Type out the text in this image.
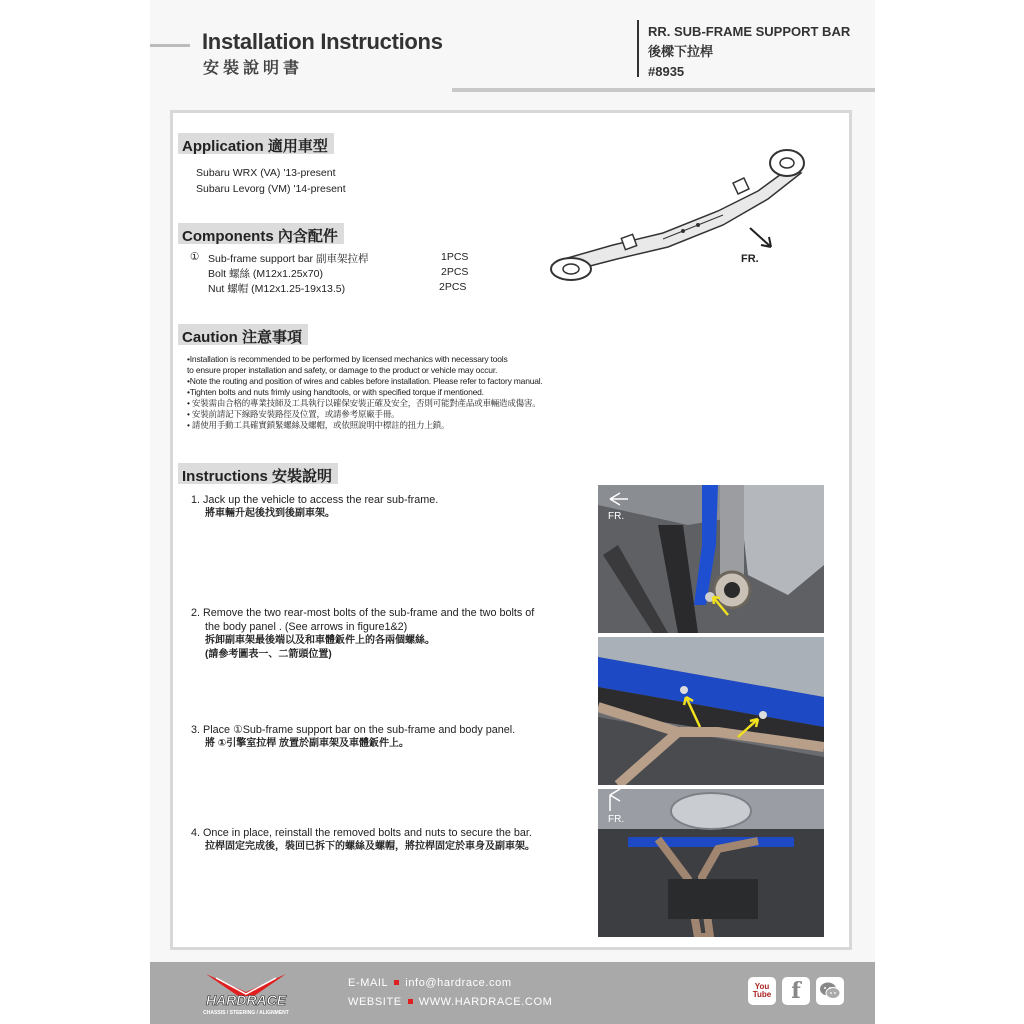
Installation Instructions
安裝說明書
RR. SUB-FRAME SUPPORT BAR
後樑下拉桿
#8935
Application 適用車型
Subaru WRX (VA) '13-present
Subaru Levorg (VM) '14-present
Components 內含配件
① Sub-frame support bar 副車架拉桿	1PCS
Bolt 螺絲 (M12x1.25x70)	2PCS
Nut 螺帽 (M12x1.25-19x13.5)	2PCS
FR.
Caution 注意事項
•Installation is recommended to be performed by licensed mechanics with necessary tools
to ensure proper installation and safety, or damage to the product or vehicle may occur.
•Note the routing and position of wires and cables before installation. Please refer to factory manual.
•Tighten bolts and nuts frimly using handtools, or with specified torque if mentioned.
• 安裝需由合格的專業技師及工具執行以確保安裝正確及安全，否則可能對產品或車輛造成傷害。
• 安裝前請記下線路安裝路徑及位置，或請參考原廠手冊。
• 請使用手動工具確實鎖緊螺絲及螺帽，或依照說明中標註的扭力上鎖。
Instructions 安裝說明
1. Jack up the vehicle to access the rear sub-frame.
將車輛升起後找到後副車架。
2. Remove the two rear-most bolts of the sub-frame and the two bolts of
the body panel . (See arrows in figure1&2)
拆卸副車架最後端以及和車體鈑件上的各兩個螺絲。
(請參考圖表一、二箭頭位置)
3. Place ①Sub-frame support bar on the sub-frame and body panel.
將 ①引擎室拉桿 放置於副車架及車體鈑件上。
4. Once in place, reinstall the removed bolts and nuts to secure the bar.
拉桿固定完成後，裝回已拆下的螺絲及螺帽，將拉桿固定於車身及副車架。
FR.
FR.
HARDRACE
CHASSIS / STEERING / ALIGNMENT
E-MAIL info@hardrace.com
WEBSITE WWW.HARDRACE.COM
You Tube f
